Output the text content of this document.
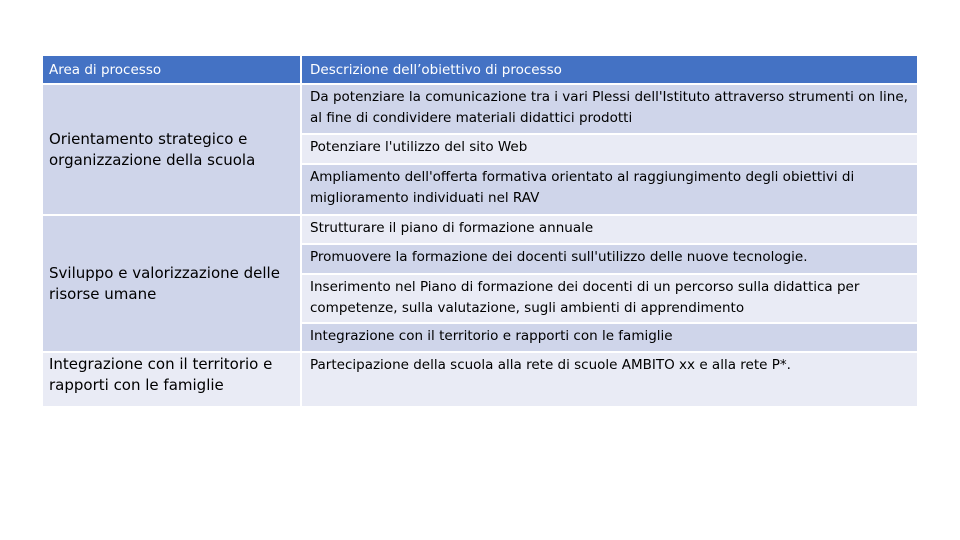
Area di processo	Descrizione dell’obiettivo di processo
Orientamento strategico e organizzazione della scuola
Da potenziare la comunicazione tra i vari Plessi dell'Istituto attraverso strumenti on line, al fine di condividere materiali didattici prodotti
Potenziare l'utilizzo del sito Web
Ampliamento dell'offerta formativa orientato al raggiungimento degli obiettivi di miglioramento individuati nel RAV
Sviluppo e valorizzazione delle risorse umane
Strutturare il piano di formazione annuale
Promuovere la formazione dei docenti sull'utilizzo delle nuove tecnologie.
Inserimento nel Piano di formazione dei docenti di un percorso sulla didattica per competenze, sulla valutazione, sugli ambienti di apprendimento
Integrazione con il territorio e rapporti con le famiglie
Integrazione con il territorio e rapporti con le famiglie
Partecipazione della scuola alla rete di scuole AMBITO xx e alla rete P*.
